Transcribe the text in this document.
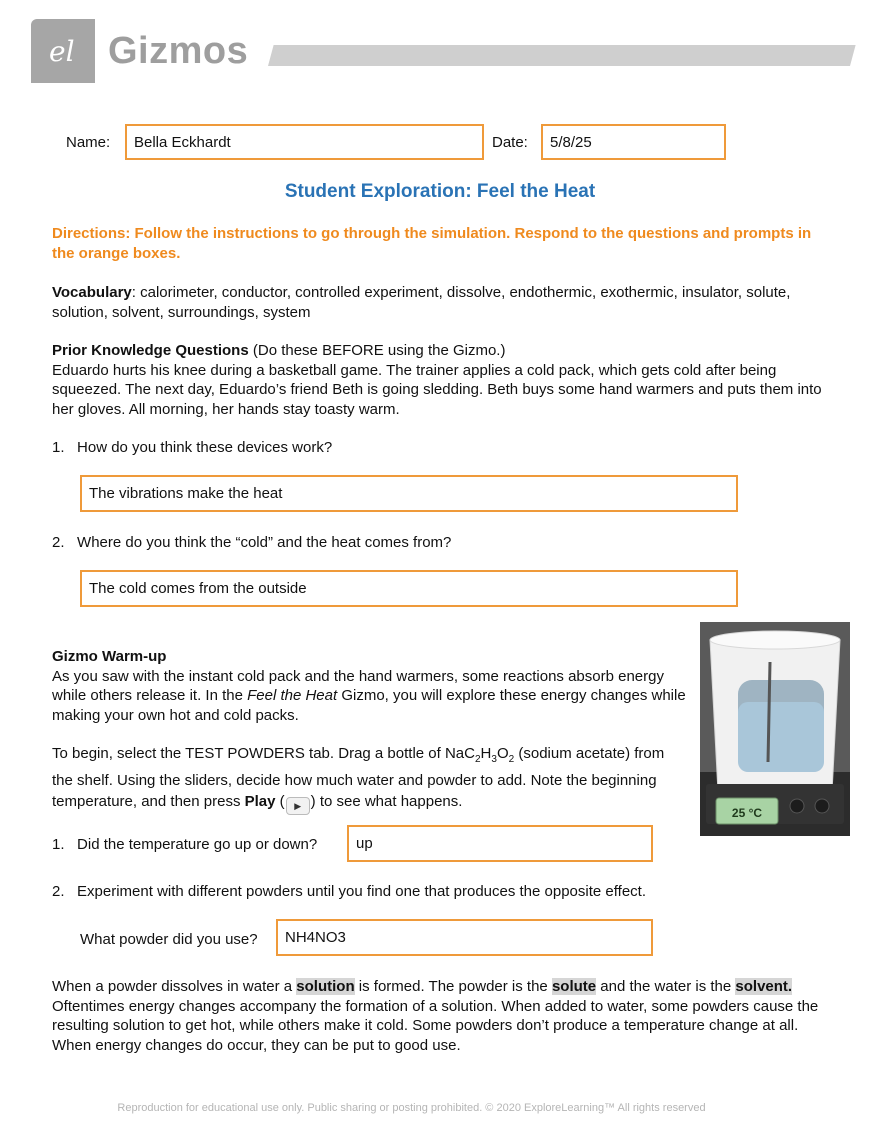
el Gizmos
Name: Bella Eckhardt	Date: 5/8/25
Student Exploration: Feel the Heat
Directions: Follow the instructions to go through the simulation. Respond to the questions and prompts in the orange boxes.
Vocabulary: calorimeter, conductor, controlled experiment, dissolve, endothermic, exothermic, insulator, solute, solution, solvent, surroundings, system
Prior Knowledge Questions (Do these BEFORE using the Gizmo.)
Eduardo hurts his knee during a basketball game. The trainer applies a cold pack, which gets cold after being squeezed. The next day, Eduardo’s friend Beth is going sledding. Beth buys some hand warmers and puts them into her gloves. All morning, her hands stay toasty warm.
1. How do you think these devices work?
The vibrations make the heat
2. Where do you think the “cold” and the heat comes from?
The cold comes from the outside
Gizmo Warm-up
As you saw with the instant cold pack and the hand warmers, some reactions absorb energy while others release it. In the Feel the Heat Gizmo, you will explore these energy changes while making your own hot and cold packs.
To begin, select the TEST POWDERS tab. Drag a bottle of $NaC_2H_3O_2$ (sodium acetate) from the shelf. Using the sliders, decide how much water and powder to add. Note the beginning temperature, and then press Play ( ▶ ) to see what happens.
25 °C
1. Did the temperature go up or down?	up
2. Experiment with different powders until you find one that produces the opposite effect.
What powder did you use? NH4NO3
When a powder dissolves in water a solution is formed. The powder is the solute and the water is the solvent. Oftentimes energy changes accompany the formation of a solution. When added to water, some powders cause the resulting solution to get hot, while others make it cold. Some powders don’t produce a temperature change at all. When energy changes do occur, they can be put to good use.
Reproduction for educational use only. Public sharing or posting prohibited. © 2020 ExploreLearning™ All rights reserved
